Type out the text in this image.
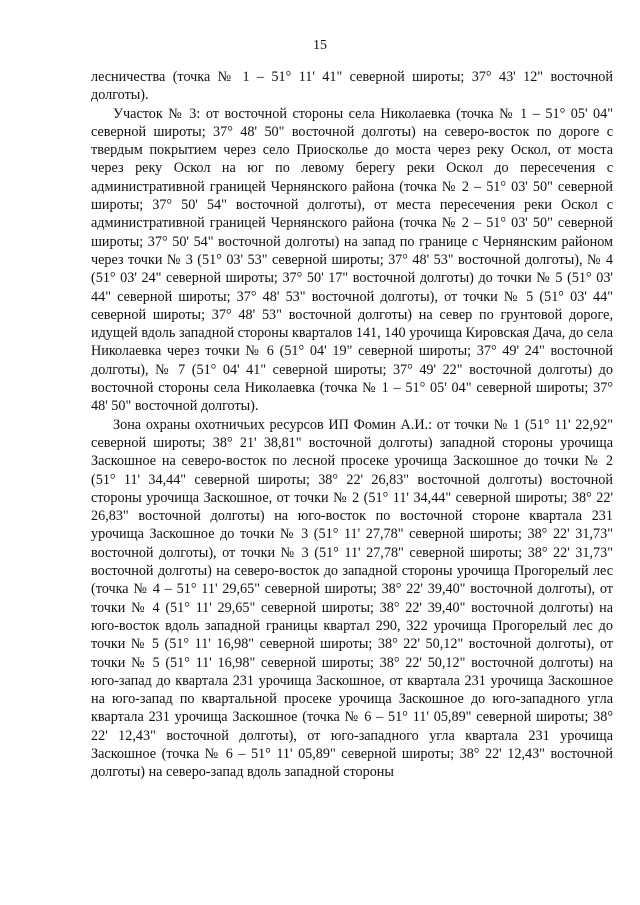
15

лесничества (точка № 1 – 51° 11' 41" северной широты; 37° 43' 12" восточной долготы).

Участок № 3: от восточной стороны села Николаевка (точка № 1 – 51° 05' 04" северной широты; 37° 48' 50" восточной долготы) на северо-восток по дороге с твердым покрытием через село Приосколье до моста через реку Оскол, от моста через реку Оскол на юг по левому берегу реки Оскол до пересечения с административной границей Чернянского района (точка № 2 – 51° 03' 50" северной широты; 37° 50' 54" восточной долготы), от места пересечения реки Оскол с административной границей Чернянского района (точка № 2 – 51° 03' 50" северной широты; 37° 50' 54" восточной долготы) на запад по границе с Чернянским районом через точки № 3 (51° 03' 53" северной широты; 37° 48' 53" восточной долготы), № 4 (51° 03' 24" северной широты; 37° 50' 17" восточной долготы) до точки № 5 (51° 03' 44" северной широты; 37° 48' 53" восточной долготы), от точки № 5 (51° 03' 44" северной широты; 37° 48' 53" восточной долготы) на север по грунтовой дороге, идущей вдоль западной стороны кварталов 141, 140 урочища Кировская Дача, до села Николаевка через точки № 6 (51° 04' 19" северной широты; 37° 49' 24" восточной долготы), № 7 (51° 04' 41" северной широты; 37° 49' 22" восточной долготы) до восточной стороны села Николаевка (точка № 1 – 51° 05' 04" северной широты; 37° 48' 50" восточной долготы).

Зона охраны охотничьих ресурсов ИП Фомин А.И.: от точки № 1 (51° 11' 22,92" северной широты; 38° 21' 38,81" восточной долготы) западной стороны урочища Заскошное на северо-восток по лесной просеке урочища Заскошное до точки № 2 (51° 11' 34,44" северной широты; 38° 22' 26,83" восточной долготы) восточной стороны урочища Заскошное, от точки № 2 (51° 11' 34,44" северной широты; 38° 22' 26,83" восточной долготы) на юго-восток по восточной стороне квартала 231 урочища Заскошное до точки № 3 (51° 11' 27,78" северной широты; 38° 22' 31,73" восточной долготы), от точки № 3 (51° 11' 27,78" северной широты; 38° 22' 31,73" восточной долготы) на северо-восток до западной стороны урочища Прогорелый лес (точка № 4 – 51° 11' 29,65" северной широты; 38° 22' 39,40" восточной долготы), от точки № 4 (51° 11' 29,65" северной широты; 38° 22' 39,40" восточной долготы) на юго-восток вдоль западной границы квартал 290, 322 урочища Прогорелый лес до точки № 5 (51° 11' 16,98" северной широты; 38° 22' 50,12" восточной долготы), от точки № 5 (51° 11' 16,98" северной широты; 38° 22' 50,12" восточной долготы) на юго-запад до квартала 231 урочища Заскошное, от квартала 231 урочища Заскошное на юго-запад по квартальной просеке урочища Заскошное до юго-западного угла квартала 231 урочища Заскошное (точка № 6 – 51° 11' 05,89" северной широты; 38° 22' 12,43" восточной долготы), от юго-западного угла квартала 231 урочища Заскошное (точка № 6 – 51° 11' 05,89" северной широты; 38° 22' 12,43" восточной долготы) на северо-запад вдоль западной стороны
